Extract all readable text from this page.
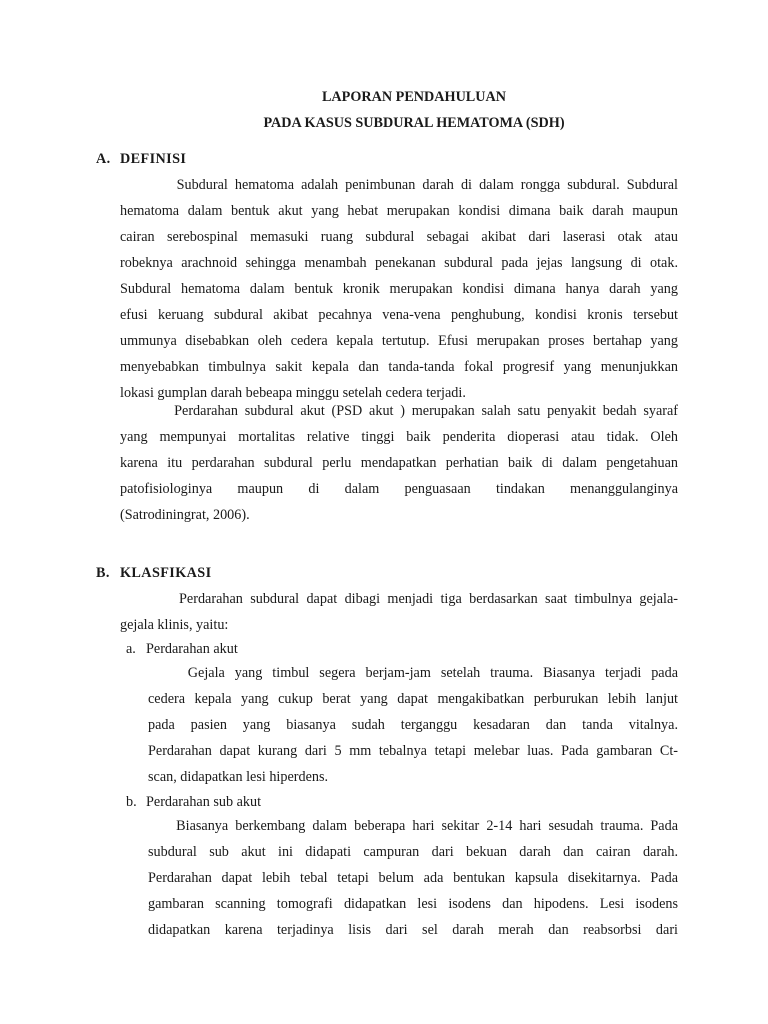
LAPORAN PENDAHULUAN
PADA KASUS SUBDURAL HEMATOMA (SDH)
A. DEFINISI
Subdural hematoma adalah penimbunan darah di dalam rongga subdural. Subdural
hematoma dalam bentuk akut yang hebat merupakan kondisi dimana baik darah maupun
cairan serebospinal memasuki ruang subdural sebagai akibat dari laserasi otak atau
robeknya arachnoid sehingga menambah penekanan subdural pada jejas langsung di otak.
Subdural hematoma dalam bentuk kronik merupakan kondisi dimana hanya darah yang
efusi keruang subdural akibat pecahnya vena-vena penghubung, kondisi kronis tersebut
ummunya disebabkan oleh cedera kepala tertutup. Efusi merupakan proses bertahap yang
menyebabkan timbulnya sakit kepala dan tanda-tanda fokal progresif yang menunjukkan
lokasi gumplan darah bebeapa minggu setelah cedera terjadi.
Perdarahan subdural akut (PSD akut ) merupakan salah satu penyakit bedah syaraf
yang mempunyai mortalitas relative tinggi baik penderita dioperasi atau tidak. Oleh
karena itu perdarahan subdural perlu mendapatkan perhatian baik di dalam pengetahuan
patofisiologinya maupun di dalam penguasaan tindakan menanggulanginya
(Satrodiningrat, 2006).
B. KLASFIKASI
Perdarahan subdural dapat dibagi menjadi tiga berdasarkan saat timbulnya gejala-
gejala klinis, yaitu:
a. Perdarahan akut
Gejala yang timbul segera berjam-jam setelah trauma. Biasanya terjadi pada
cedera kepala yang cukup berat yang dapat mengakibatkan perburukan lebih lanjut
pada pasien yang biasanya sudah terganggu kesadaran dan tanda vitalnya.
Perdarahan dapat kurang dari 5 mm tebalnya tetapi melebar luas. Pada gambaran Ct-
scan, didapatkan lesi hiperdens.
b. Perdarahan sub akut
Biasanya berkembang dalam beberapa hari sekitar 2-14 hari sesudah trauma. Pada
subdural sub akut ini didapati campuran dari bekuan darah dan cairan darah.
Perdarahan dapat lebih tebal tetapi belum ada bentukan kapsula disekitarnya. Pada
gambaran scanning tomografi didapatkan lesi isodens dan hipodens. Lesi isodens
didapatkan karena terjadinya lisis dari sel darah merah dan reabsorbsi dari
